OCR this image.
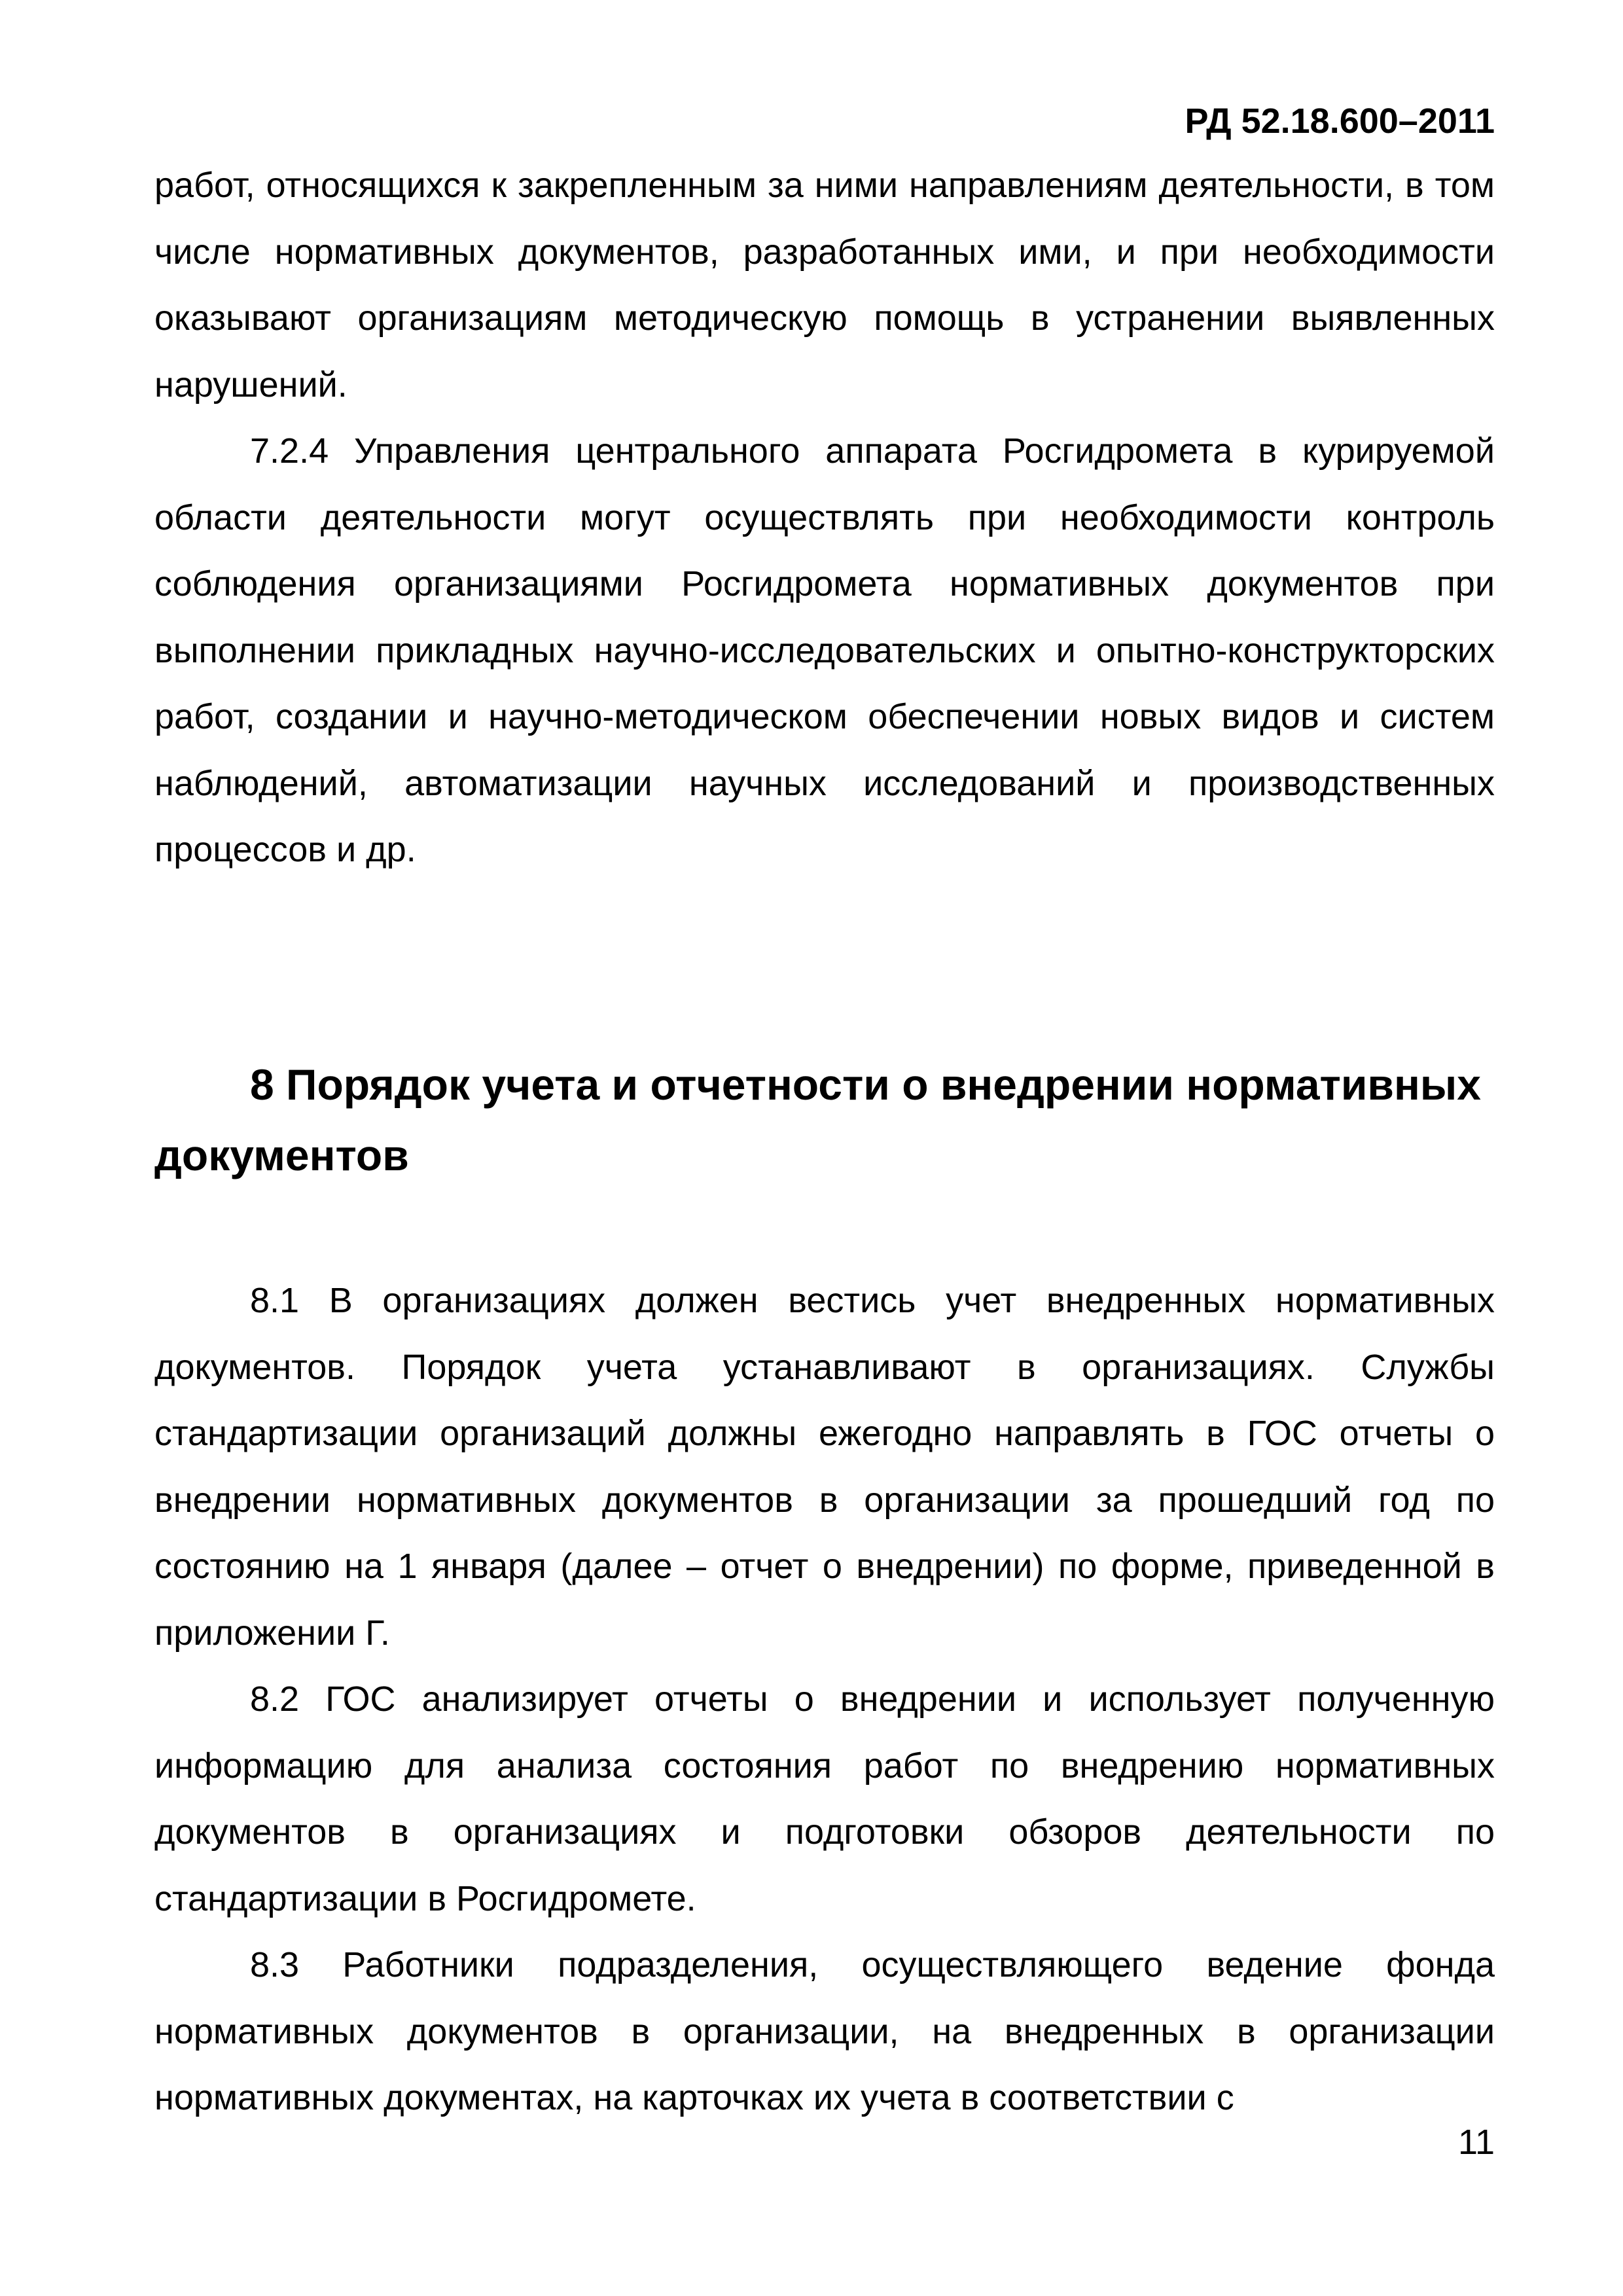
РД 52.18.600–2011

работ, относящихся к закрепленным за ними направлениям деятельности, в том числе нормативных документов, разработанных ими, и при необходимости оказывают организациям методическую помощь в устранении выявленных нарушений.

7.2.4 Управления центрального аппарата Росгидромета в курируемой области деятельности могут осуществлять при необходимости контроль соблюдения организациями Росгидромета нормативных документов при выполнении прикладных научно-исследовательских и опытно-конструкторских работ, создании и научно-методическом обеспечении новых видов и систем наблюдений, автоматизации научных исследований и производственных процессов и др.

8 Порядок учета и отчетности о внедрении нормативных документов

8.1 В организациях должен вестись учет внедренных нормативных документов. Порядок учета устанавливают в организациях. Службы стандартизации организаций должны ежегодно направлять в ГОС отчеты о внедрении нормативных документов в организации за прошедший год по состоянию на 1 января (далее – отчет о внедрении) по форме, приведенной в приложении Г.

8.2 ГОС анализирует отчеты о внедрении и использует полученную информацию для анализа состояния работ по внедрению нормативных документов в организациях и подготовки обзоров деятельности по стандартизации в Росгидромете.

8.3 Работники подразделения, осуществляющего ведение фонда нормативных документов в организации, на внедренных в организации нормативных документах, на карточках их учета в соответствии с

11
